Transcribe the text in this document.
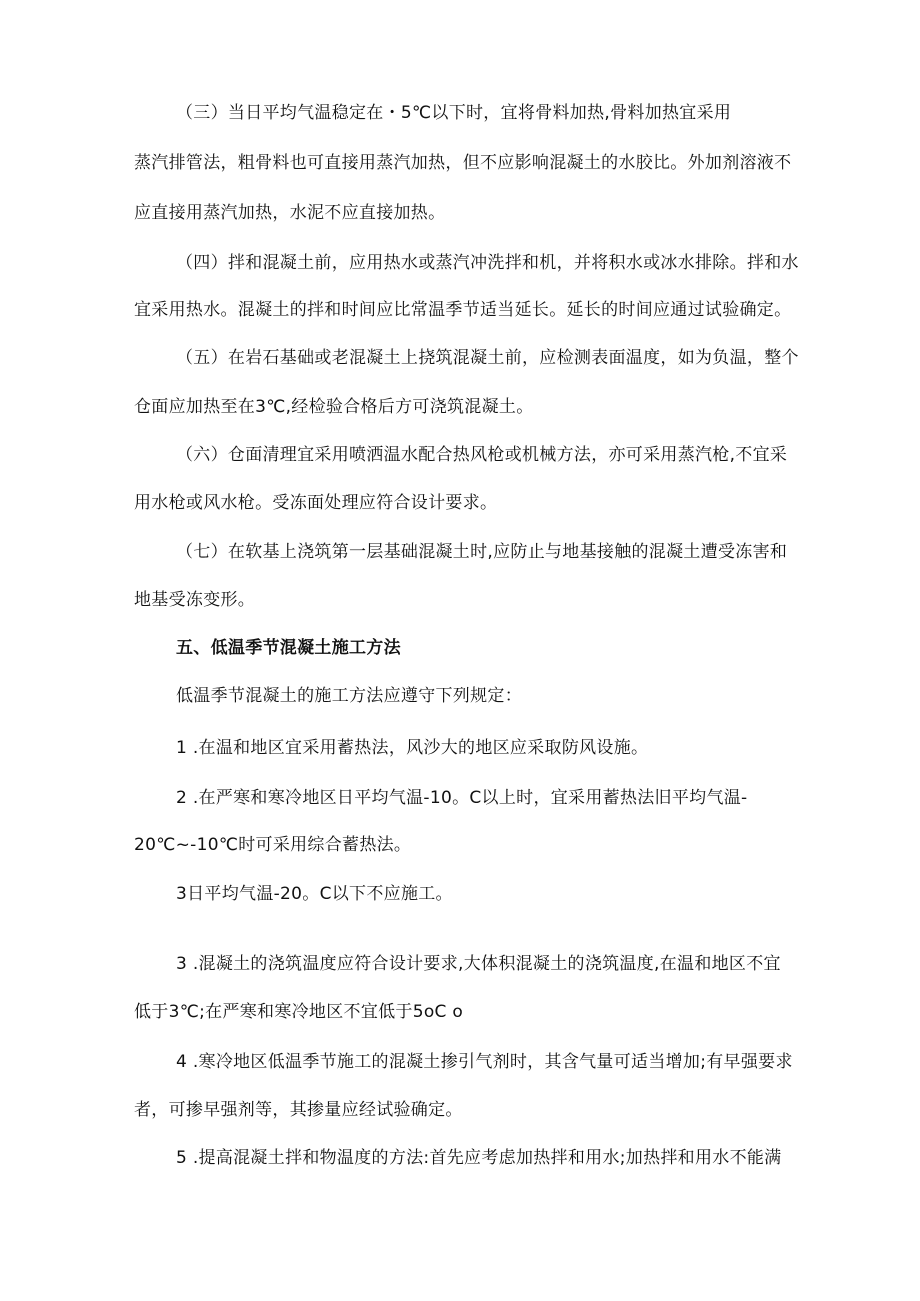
（三）当日平均气温稳定在・5℃以下时，宜将骨料加热,骨料加热宜采用
蒸汽排管法，粗骨料也可直接用蒸汽加热，但不应影响混凝土的水胶比。外加剂溶液不
应直接用蒸汽加热，水泥不应直接加热。
（四）拌和混凝土前，应用热水或蒸汽冲洗拌和机，并将积水或冰水排除。拌和水
宜采用热水。混凝土的拌和时间应比常温季节适当延长。延长的时间应通过试验确定。
（五）在岩石基础或老混凝土上挠筑混凝土前，应检测表面温度，如为负温，整个
仓面应加热至在3℃,经检验合格后方可浇筑混凝土。
（六）仓面清理宜采用喷洒温水配合热风枪或机械方法，亦可采用蒸汽枪,不宜采
用水枪或风水枪。受冻面处理应符合设计要求。
（七）在软基上浇筑第一层基础混凝土时,应防止与地基接触的混凝土遭受冻害和
地基受冻变形。
五、低温季节混凝土施工方法
低温季节混凝土的施工方法应遵守下列规定：
1 .在温和地区宜采用蓄热法，风沙大的地区应采取防风设施。
2 .在严寒和寒冷地区日平均气温-10。C以上时，宜采用蓄热法旧平均气温-
20℃~-10℃时可采用综合蓄热法。
3日平均气温-20。C以下不应施工。
3 .混凝土的浇筑温度应符合设计要求,大体积混凝土的浇筑温度,在温和地区不宜
低于3℃;在严寒和寒冷地区不宜低于5oC o
4 .寒冷地区低温季节施工的混凝土掺引气剂时，其含气量可适当增加;有早强要求
者，可掺早强剂等，其掺量应经试验确定。
5 .提高混凝土拌和物温度的方法:首先应考虑加热拌和用水;加热拌和用水不能满
